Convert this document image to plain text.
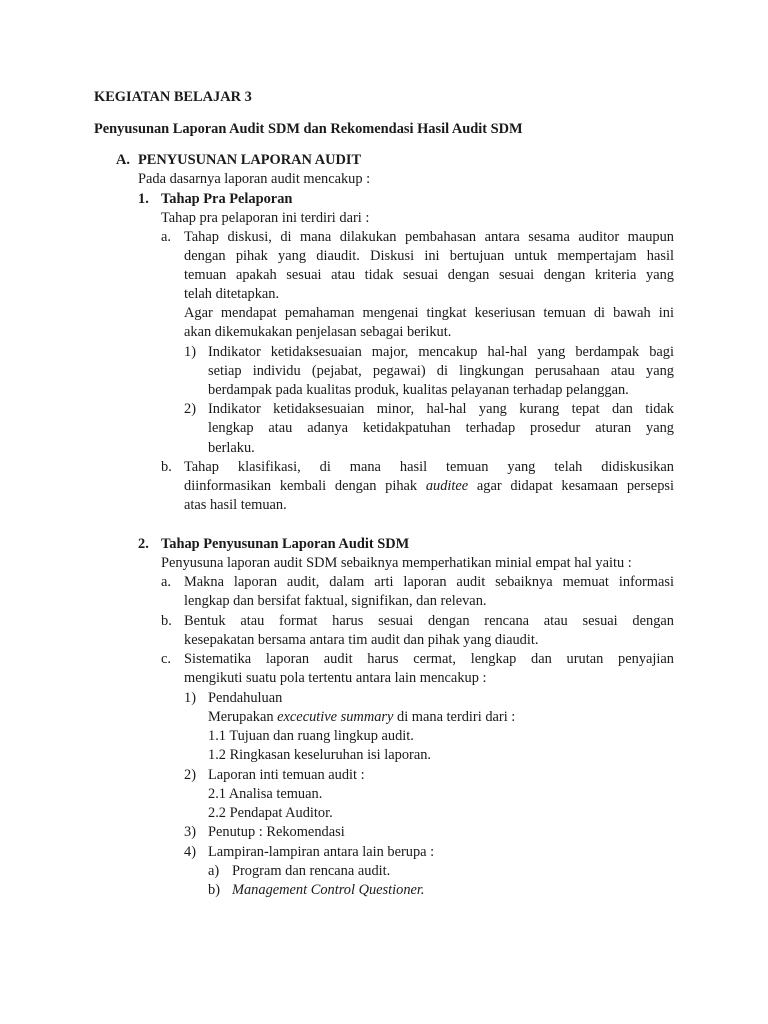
KEGIATAN BELAJAR 3
Penyusunan Laporan Audit SDM dan Rekomendasi Hasil Audit SDM
A. PENYUSUNAN LAPORAN AUDIT
Pada dasarnya laporan audit mencakup :
1. Tahap Pra Pelaporan
Tahap pra pelaporan ini terdiri dari :
a. Tahap diskusi, di mana dilakukan pembahasan antara sesama auditor maupun
dengan pihak yang diaudit. Diskusi ini bertujuan untuk mempertajam hasil
temuan apakah sesuai atau tidak sesuai dengan sesuai dengan kriteria yang
telah ditetapkan.
Agar mendapat pemahaman mengenai tingkat keseriusan temuan di bawah ini
akan dikemukakan penjelasan sebagai berikut.
1) Indikator ketidaksesuaian major, mencakup hal-hal yang berdampak bagi
setiap individu (pejabat, pegawai) di lingkungan perusahaan atau yang
berdampak pada kualitas produk, kualitas pelayanan terhadap pelanggan.
2) Indikator ketidaksesuaian minor, hal-hal yang kurang tepat dan tidak
lengkap atau adanya ketidakpatuhan terhadap prosedur aturan yang
berlaku.
b. Tahap klasifikasi, di mana hasil temuan yang telah didiskusikan
diinformasikan kembali dengan pihak auditee agar didapat kesamaan persepsi
atas hasil temuan.
2. Tahap Penyusunan Laporan Audit SDM
Penyusuna laporan audit SDM sebaiknya memperhatikan minial empat hal yaitu :
a. Makna laporan audit, dalam arti laporan audit sebaiknya memuat informasi
lengkap dan bersifat faktual, signifikan, dan relevan.
b. Bentuk atau format harus sesuai dengan rencana atau sesuai dengan
kesepakatan bersama antara tim audit dan pihak yang diaudit.
c. Sistematika laporan audit harus cermat, lengkap dan urutan penyajian
mengikuti suatu pola tertentu antara lain mencakup :
1) Pendahuluan
Merupakan excecutive summary di mana terdiri dari :
1.1 Tujuan dan ruang lingkup audit.
1.2 Ringkasan keseluruhan isi laporan.
2) Laporan inti temuan audit :
2.1 Analisa temuan.
2.2 Pendapat Auditor.
3) Penutup : Rekomendasi
4) Lampiran-lampiran antara lain berupa :
a) Program dan rencana audit.
b) Management Control Questioner.
